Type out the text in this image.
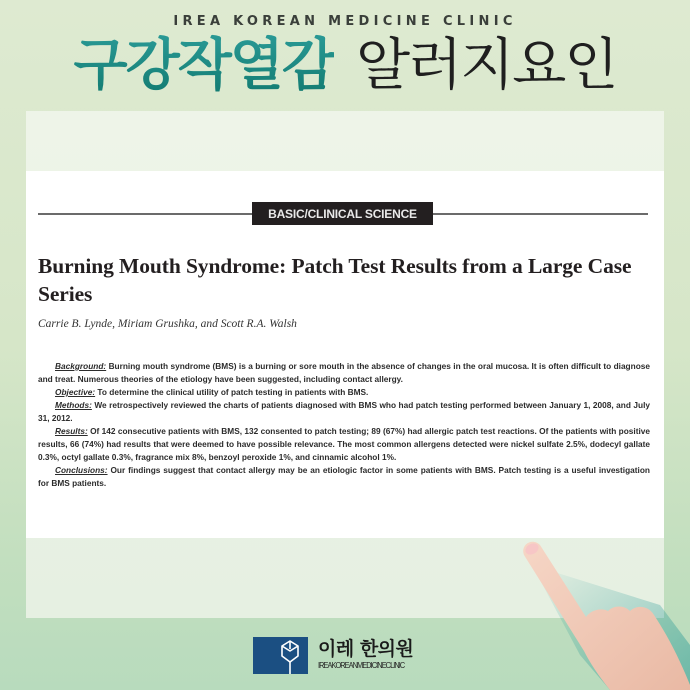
IREA KOREAN MEDICINE CLINIC
구강작열감 알러지요인
BASIC/CLINICAL SCIENCE
Burning Mouth Syndrome: Patch Test Results from a Large Case Series
Carrie B. Lynde, Miriam Grushka, and Scott R.A. Walsh

Background: Burning mouth syndrome (BMS) is a burning or sore mouth in the absence of changes in the oral mucosa. It is often difficult to diagnose and treat. Numerous theories of the etiology have been suggested, including contact allergy.

Objective: To determine the clinical utility of patch testing in patients with BMS.

Methods: We retrospectively reviewed the charts of patients diagnosed with BMS who had patch testing performed between January 1, 2008, and July 31, 2012.

Results: Of 142 consecutive patients with BMS, 132 consented to patch testing; 89 (67%) had allergic patch test reactions. Of the patients with positive results, 66 (74%) had results that were deemed to have possible relevance. The most common allergens detected were nickel sulfate 2.5%, dodecyl gallate 0.3%, octyl gallate 0.3%, fragrance mix 8%, benzoyl peroxide 1%, and cinnamic alcohol 1%.

Conclusions: Our findings suggest that contact allergy may be an etiologic factor in some patients with BMS. Patch testing is a useful investigation for BMS patients.

이레 한의원
IREAKOREANMEDICINECLINIC
